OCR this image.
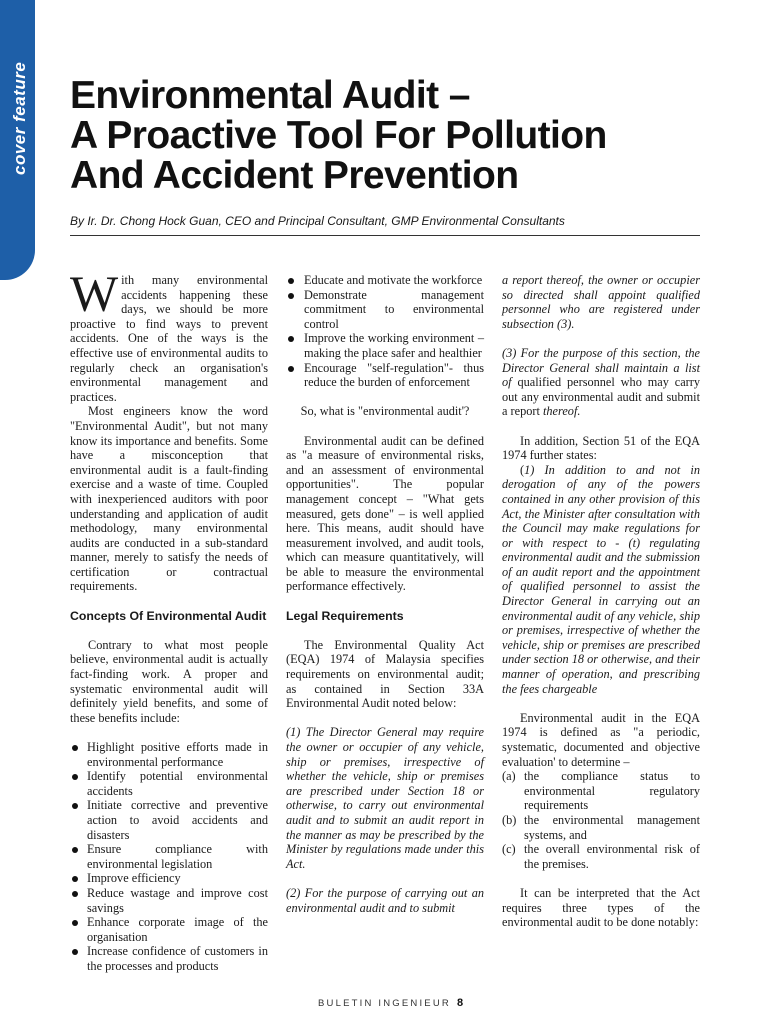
cover feature Environmental Audit –
A Proactive Tool For Pollution
And Accident Prevention
By Ir. Dr. Chong Hock Guan, CEO and Principal Consultant, GMP Environmental Consultants

With many environmental accidents happening these days, we should be more proactive to find ways to prevent accidents. One of the ways is the effective use of environmental audits to regularly check an organisation's environmental management and practices.

Most engineers know the word "Environmental Audit", but not many know its importance and benefits. Some have a misconception that environmental audit is a fault-finding exercise and a waste of time. Coupled with inexperienced auditors with poor understanding and application of audit methodology, many environmental audits are conducted in a sub-standard manner, merely to satisfy the needs of certification or contractual requirements.

Concepts Of Environmental Audit

Contrary to what most people believe, environmental audit is actually fact-finding work. A proper and systematic environmental audit will definitely yield benefits, and some of these benefits include:

Highlight positive efforts made in environmental performance
Identify potential environmental accidents
Initiate corrective and preventive action to avoid accidents and disasters
Ensure compliance with environmental legislation
Improve efficiency
Reduce wastage and improve cost savings
Enhance corporate image of the organisation
Increase confidence of customers in the processes and products
Educate and motivate the workforce
Demonstrate management commitment to environmental control
Improve the working environment – making the place safer and healthier
Encourage "self-regulation"- thus reduce the burden of enforcement

So, what is "environmental audit'?

Environmental audit can be defined as "a measure of environmental risks, and an assessment of environmental opportunities". The popular management concept – "What gets measured, gets done" – is well applied here. This means, audit should have measurement involved, and audit tools, which can measure quantitatively, will be able to measure the environmental performance effectively.

Legal Requirements

The Environmental Quality Act (EQA) 1974 of Malaysia specifies requirements on environmental audit; as contained in Section 33A Environmental Audit noted below:

(1) The Director General may require the owner or occupier of any vehicle, ship or premises, irrespective of whether the vehicle, ship or premises are prescribed under Section 18 or otherwise, to carry out environmental audit and to submit an audit report in the manner as may be prescribed by the Minister by regulations made under this Act.

(2) For the purpose of carrying out an environmental audit and to submit

a report thereof, the owner or occupier so directed shall appoint qualified personnel who are registered under subsection (3).

(3) For the purpose of this section, the Director General shall maintain a list of qualified personnel who may carry out any environmental audit and submit a report thereof.

In addition, Section 51 of the EQA 1974 further states:

(1) In addition to and not in derogation of any of the powers contained in any other provision of this Act, the Minister after consultation with the Council may make regulations for or with respect to - (t) regulating environmental audit and the submission of an audit report and the appointment of qualified personnel to assist the Director General in carrying out an environmental audit of any vehicle, ship or premises, irrespective of whether the vehicle, ship or premises are prescribed under section 18 or otherwise, and their manner of operation, and prescribing the fees chargeable

Environmental audit in the EQA 1974 is defined as "a periodic, systematic, documented and objective evaluation' to determine –

(a) the compliance status to environmental regulatory requirements
(b) the environmental management systems, and
(c) the overall environmental risk of the premises.

It can be interpreted that the Act requires three types of the environmental audit to be done notably:

BULETIN INGENIEUR 8
